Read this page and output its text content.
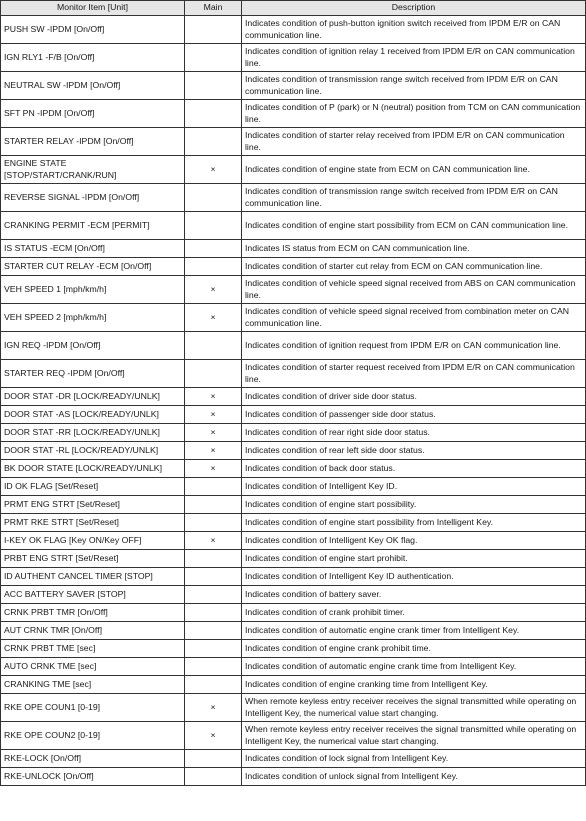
Monitor Item [Unit]	Main	Description
PUSH SW -IPDM [On/Off]		Indicates condition of push-button ignition switch received from IPDM E/R on CAN communication line.
IGN RLY1 -F/B [On/Off]		Indicates condition of ignition relay 1 received from IPDM E/R on CAN communication line.
NEUTRAL SW -IPDM [On/Off]		Indicates condition of transmission range switch received from IPDM E/R on CAN communication line.
SFT PN -IPDM [On/Off]		Indicates condition of P (park) or N (neutral) position from TCM on CAN communication line.
STARTER RELAY -IPDM [On/Off]		Indicates condition of starter relay received from IPDM E/R on CAN communication line.
ENGINE STATE [STOP/START/CRANK/RUN]	×	Indicates condition of engine state from ECM on CAN communication line.
REVERSE SIGNAL -IPDM [On/Off]		Indicates condition of transmission range switch received from IPDM E/R on CAN communication line.
CRANKING PERMIT -ECM [PERMIT]		Indicates condition of engine start possibility from ECM on CAN communication line.
IS STATUS -ECM [On/Off]		Indicates IS status from ECM on CAN communication line.
STARTER CUT RELAY -ECM [On/Off]		Indicates condition of starter cut relay from ECM on CAN communication line.
VEH SPEED 1 [mph/km/h]	×	Indicates condition of vehicle speed signal received from ABS on CAN communication line.
VEH SPEED 2 [mph/km/h]	×	Indicates condition of vehicle speed signal received from combination meter on CAN communication line.
IGN REQ -IPDM [On/Off]		Indicates condition of ignition request from IPDM E/R on CAN communication line.
STARTER REQ -IPDM [On/Off]		Indicates condition of starter request received from IPDM E/R on CAN communication line.
DOOR STAT -DR [LOCK/READY/UNLK]	×	Indicates condition of driver side door status.
DOOR STAT -AS [LOCK/READY/UNLK]	×	Indicates condition of passenger side door status.
DOOR STAT -RR [LOCK/READY/UNLK]	×	Indicates condition of rear right side door status.
DOOR STAT -RL [LOCK/READY/UNLK]	×	Indicates condition of rear left side door status.
BK DOOR STATE [LOCK/READY/UNLK]	×	Indicates condition of back door status.
ID OK FLAG [Set/Reset]		Indicates condition of Intelligent Key ID.
PRMT ENG STRT [Set/Reset]		Indicates condition of engine start possibility.
PRMT RKE STRT [Set/Reset]		Indicates condition of engine start possibility from Intelligent Key.
I-KEY OK FLAG [Key ON/Key OFF]	×	Indicates condition of Intelligent Key OK flag.
PRBT ENG STRT [Set/Reset]		Indicates condition of engine start prohibit.
ID AUTHENT CANCEL TIMER [STOP]		Indicates condition of Intelligent Key ID authentication.
ACC BATTERY SAVER [STOP]		Indicates condition of battery saver.
CRNK PRBT TMR [On/Off]		Indicates condition of crank prohibit timer.
AUT CRNK TMR [On/Off]		Indicates condition of automatic engine crank timer from Intelligent Key.
CRNK PRBT TME [sec]		Indicates condition of engine crank prohibit time.
AUTO CRNK TME [sec]		Indicates condition of automatic engine crank time from Intelligent Key.
CRANKING TME [sec]		Indicates condition of engine cranking time from Intelligent Key.
RKE OPE COUN1 [0-19]	×	When remote keyless entry receiver receives the signal transmitted while operating on Intelligent Key, the numerical value start changing.
RKE OPE COUN2 [0-19]	×	When remote keyless entry receiver receives the signal transmitted while operating on Intelligent Key, the numerical value start changing.
RKE-LOCK [On/Off]		Indicates condition of lock signal from Intelligent Key.
RKE-UNLOCK [On/Off]		Indicates condition of unlock signal from Intelligent Key.
